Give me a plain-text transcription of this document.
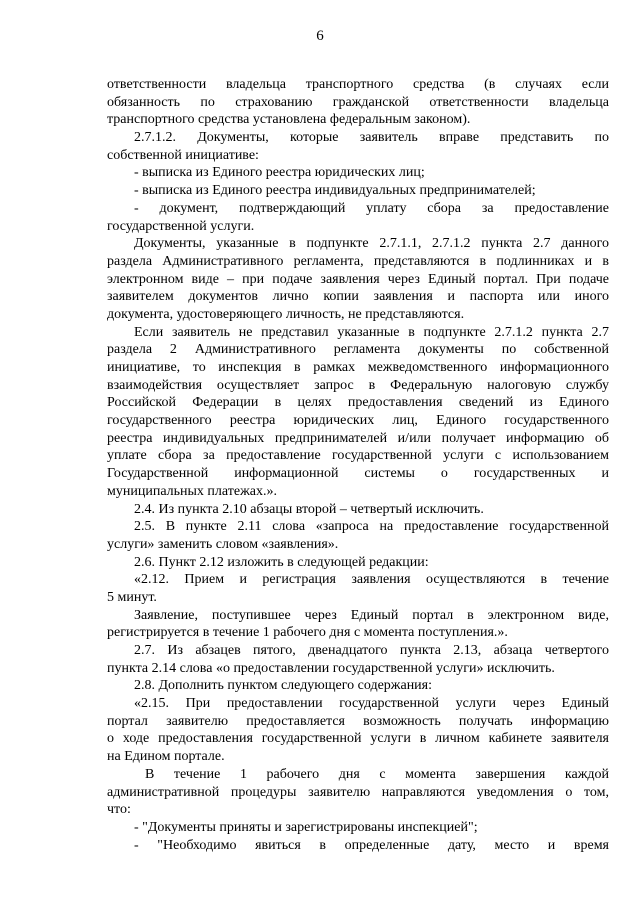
6
ответственности владельца транспортного средства (в случаях если
обязанность по страхованию гражданской ответственности владельца
транспортного средства установлена федеральным законом).
2.7.1.2. Документы, которые заявитель вправе представить по
собственной инициативе:
- выписка из Единого реестра юридических лиц;
- выписка из Единого реестра индивидуальных предпринимателей;
- документ, подтверждающий уплату сбора за предоставление
государственной услуги.
Документы, указанные в подпункте 2.7.1.1, 2.7.1.2 пункта 2.7 данного
раздела Административного регламента, представляются в подлинниках и в
электронном виде – при подаче заявления через Единый портал. При подаче
заявителем документов лично копии заявления и паспорта или иного
документа, удостоверяющего личность, не представляются.
Если заявитель не представил указанные в подпункте 2.7.1.2 пункта 2.7
раздела 2 Административного регламента документы по собственной
инициативе, то инспекция в рамках межведомственного информационного
взаимодействия осуществляет запрос в Федеральную налоговую службу
Российской Федерации в целях предоставления сведений из Единого
государственного реестра юридических лиц, Единого государственного
реестра индивидуальных предпринимателей и/или получает информацию об
уплате сбора за предоставление государственной услуги с использованием
Государственной информационной системы о государственных и
муниципальных платежах.».
2.4. Из пункта 2.10 абзацы второй – четвертый исключить.
2.5. В пункте 2.11 слова «запроса на предоставление государственной
услуги» заменить словом «заявления».
2.6. Пункт 2.12 изложить в следующей редакции:
«2.12. Прием и регистрация заявления осуществляются в течение
5 минут.
Заявление, поступившее через Единый портал в электронном виде,
регистрируется в течение 1 рабочего дня с момента поступления.».
2.7. Из абзацев пятого, двенадцатого пункта 2.13, абзаца четвертого
пункта 2.14 слова «о предоставлении государственной услуги» исключить.
2.8. Дополнить пунктом следующего содержания:
«2.15. При предоставлении государственной услуги через Единый
портал заявителю предоставляется возможность получать информацию
о ходе предоставления государственной услуги в личном кабинете заявителя
на Едином портале.
В течение 1 рабочего дня с момента завершения каждой
административной процедуры заявителю направляются уведомления о том,
что:
- "Документы приняты и зарегистрированы инспекцией";
- "Необходимо явиться в определенные дату, место и время
